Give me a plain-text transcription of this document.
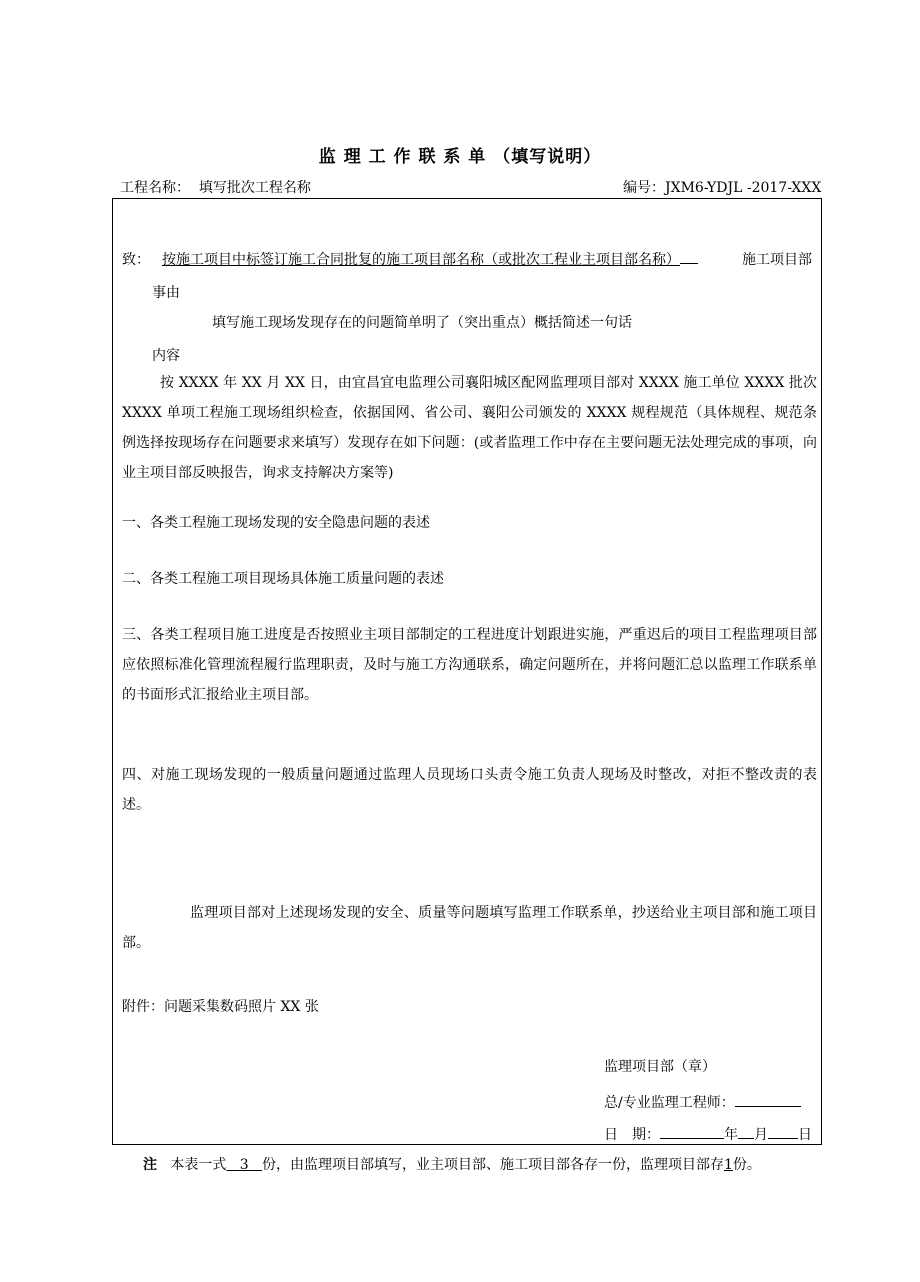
监 理 工 作 联 系 单 （填写说明）
工程名称： 填写批次工程名称	编号：JXM6-YDJL -2017-XXX
致： 按施工项目中标签订施工合同批复的施工项目部名称（或批次工程业主项目部名称）	施工项目部
事由
填写施工现场发现存在的问题简单明了（突出重点）概括简述一句话
内容
按 XXXX 年 XX 月 XX 日，由宜昌宜电监理公司襄阳城区配网监理项目部对 XXXX 施工单位 XXXX 批次 XXXX 单项工程施工现场组织检查，依据国网、省公司、襄阳公司颁发的 XXXX 规程规范（具体规程、规范条例选择按现场存在问题要求来填写）发现存在如下问题：(或者监理工作中存在主要问题无法处理完成的事项，向业主项目部反映报告，询求支持解决方案等)
一、各类工程施工现场发现的安全隐患问题的表述
二、各类工程施工项目现场具体施工质量问题的表述
三、各类工程项目施工进度是否按照业主项目部制定的工程进度计划跟进实施，严重迟后的项目工程监理项目部应依照标准化管理流程履行监理职责，及时与施工方沟通联系，确定问题所在，并将问题汇总以监理工作联系单的书面形式汇报给业主项目部。
四、对施工现场发现的一般质量问题通过监理人员现场口头责令施工负责人现场及时整改，对拒不整改责的表述。
监理项目部对上述现场发现的安全、质量等问题填写监理工作联系单，抄送给业主项目部和施工项目部。
附件：问题采集数码照片 XX 张
监理项目部（章）
总/专业监理工程师：
日　期：	年 月 日
注 本表一式 3 份，由监理项目部填写，业主项目部、施工项目部各存一份，监理项目部存1份。
